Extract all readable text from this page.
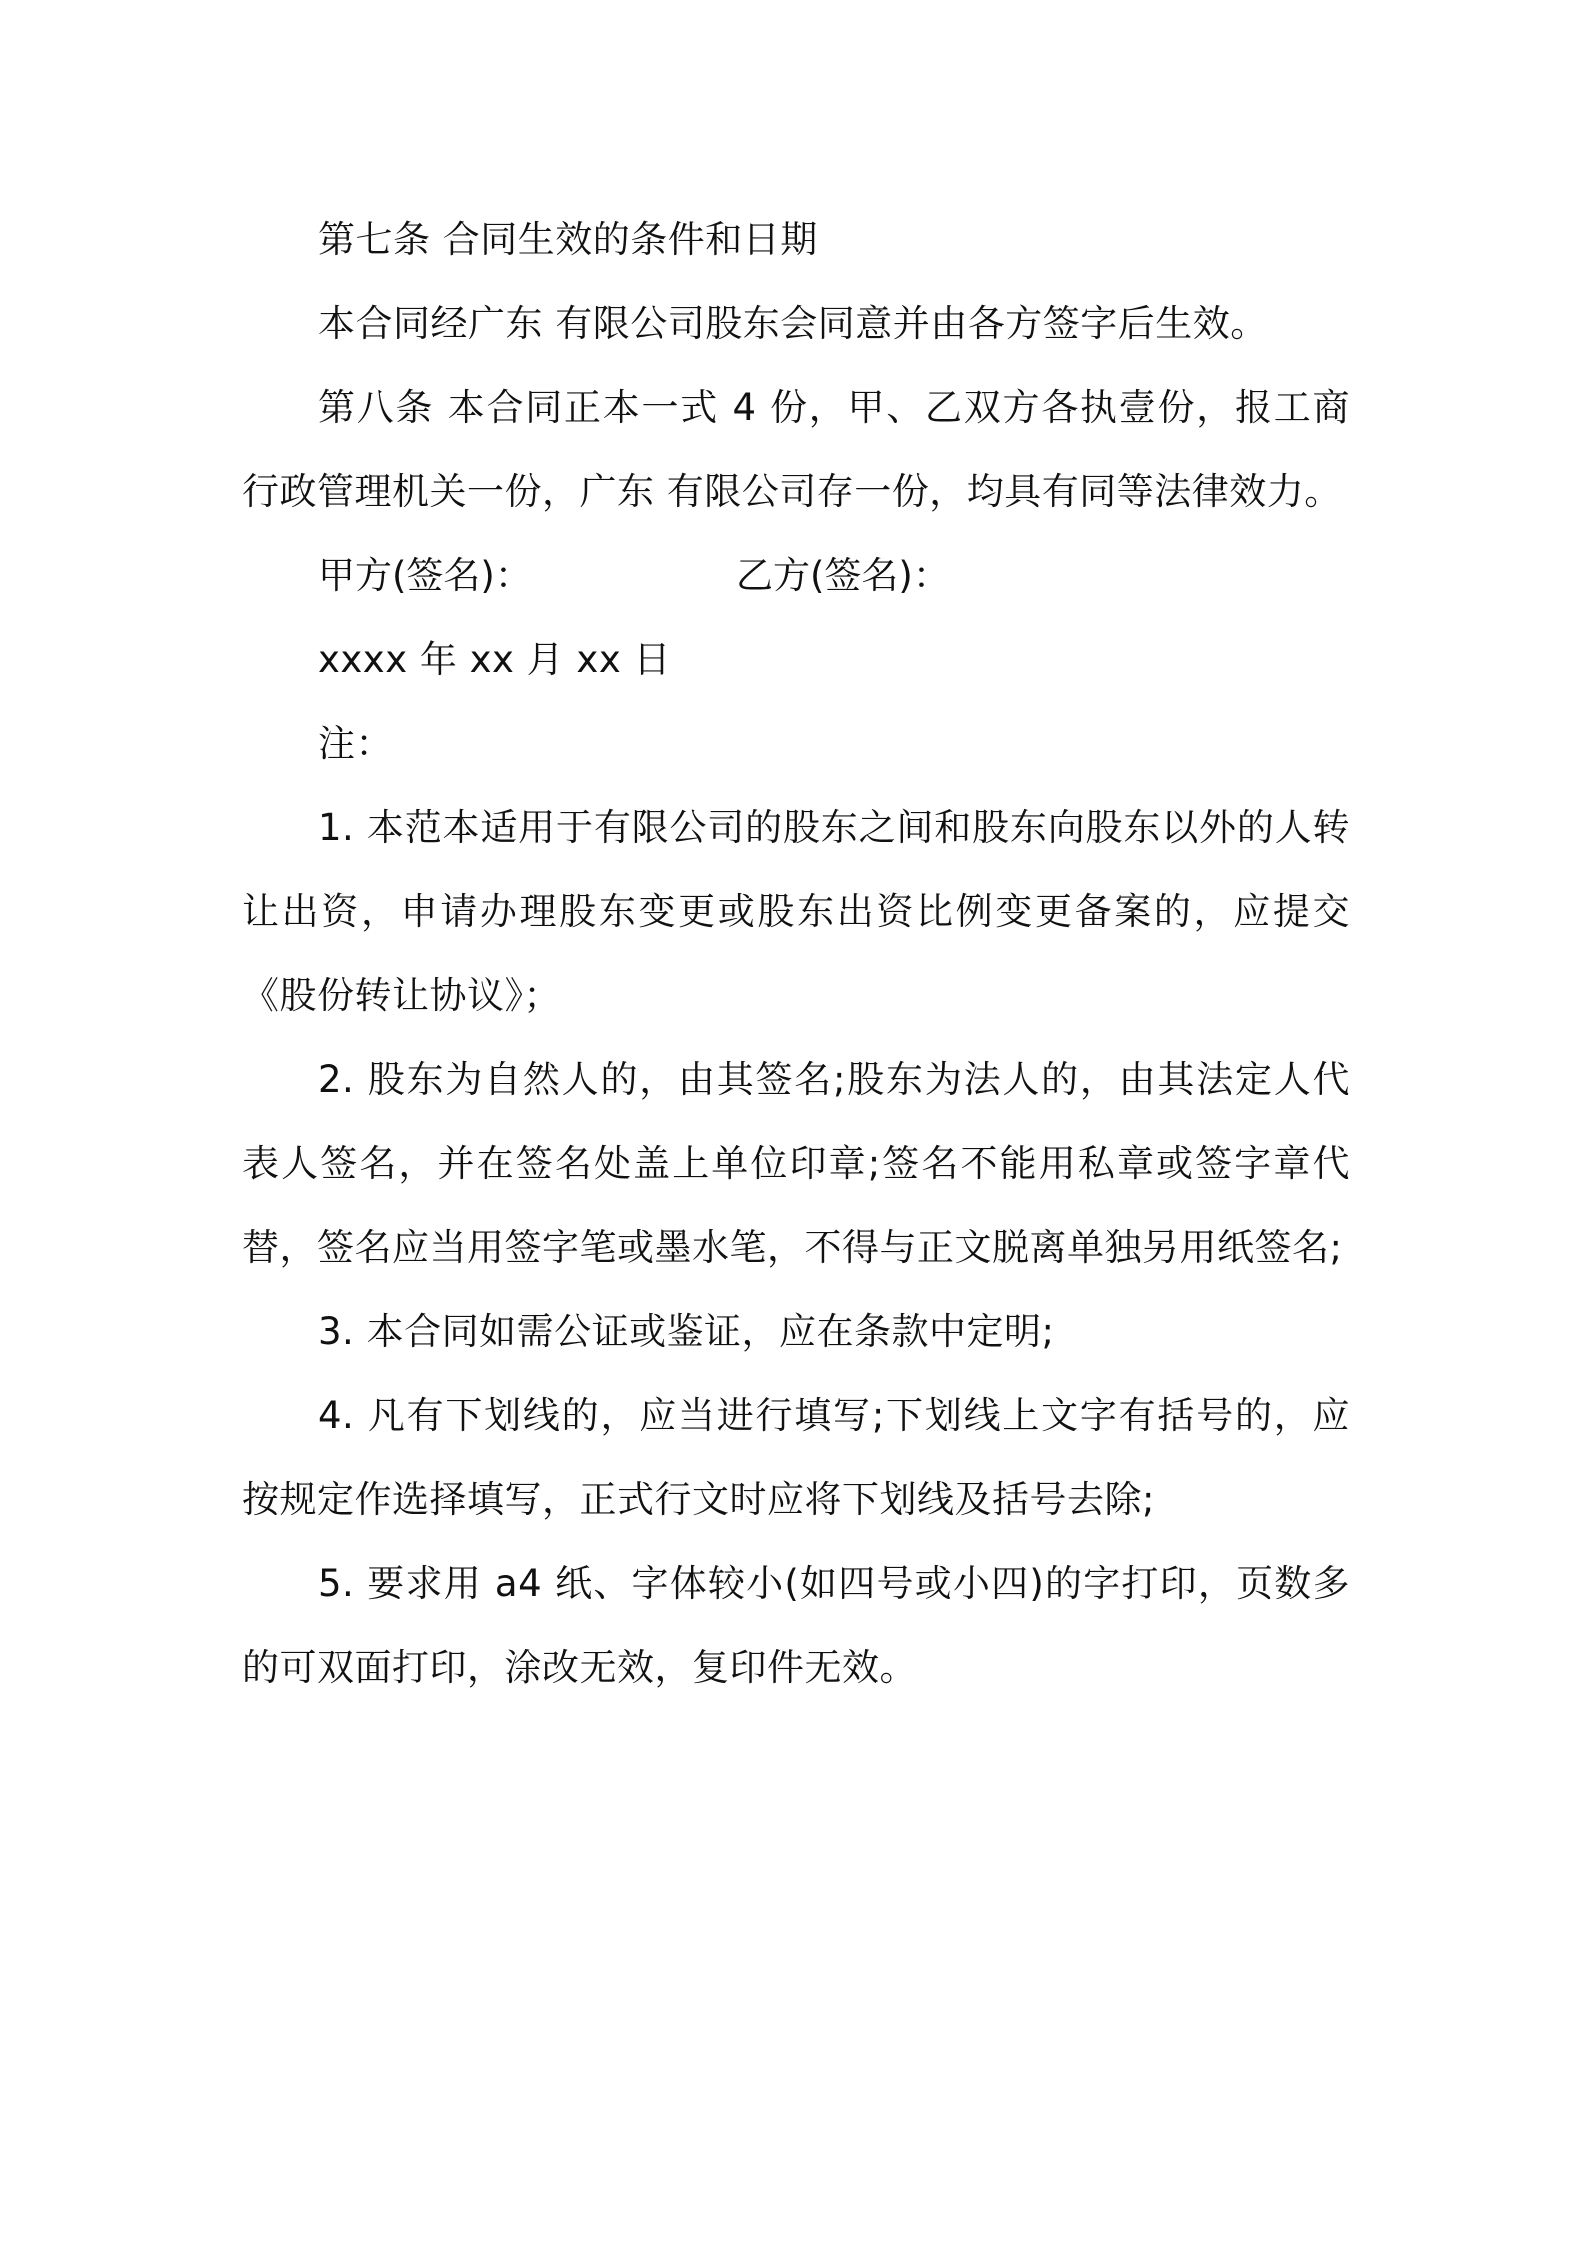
第七条 合同生效的条件和日期

本合同经广东 有限公司股东会同意并由各方签字后生效。

第八条 本合同正本一式 4 份，甲、乙双方各执壹份，报工商行政管理机关一份，广东 有限公司存一份，均具有同等法律效力。

甲方(签名)：	乙方(签名)：

xxxx 年 xx 月 xx 日

注：

1. 本范本适用于有限公司的股东之间和股东向股东以外的人转让出资，申请办理股东变更或股东出资比例变更备案的，应提交《股份转让协议》；

2. 股东为自然人的，由其签名;股东为法人的，由其法定人代表人签名，并在签名处盖上单位印章;签名不能用私章或签字章代替，签名应当用签字笔或墨水笔，不得与正文脱离单独另用纸签名;

3. 本合同如需公证或鉴证，应在条款中定明;

4. 凡有下划线的，应当进行填写;下划线上文字有括号的，应按规定作选择填写，正式行文时应将下划线及括号去除;

5. 要求用 a4 纸、字体较小(如四号或小四)的字打印，页数多的可双面打印，涂改无效，复印件无效。
